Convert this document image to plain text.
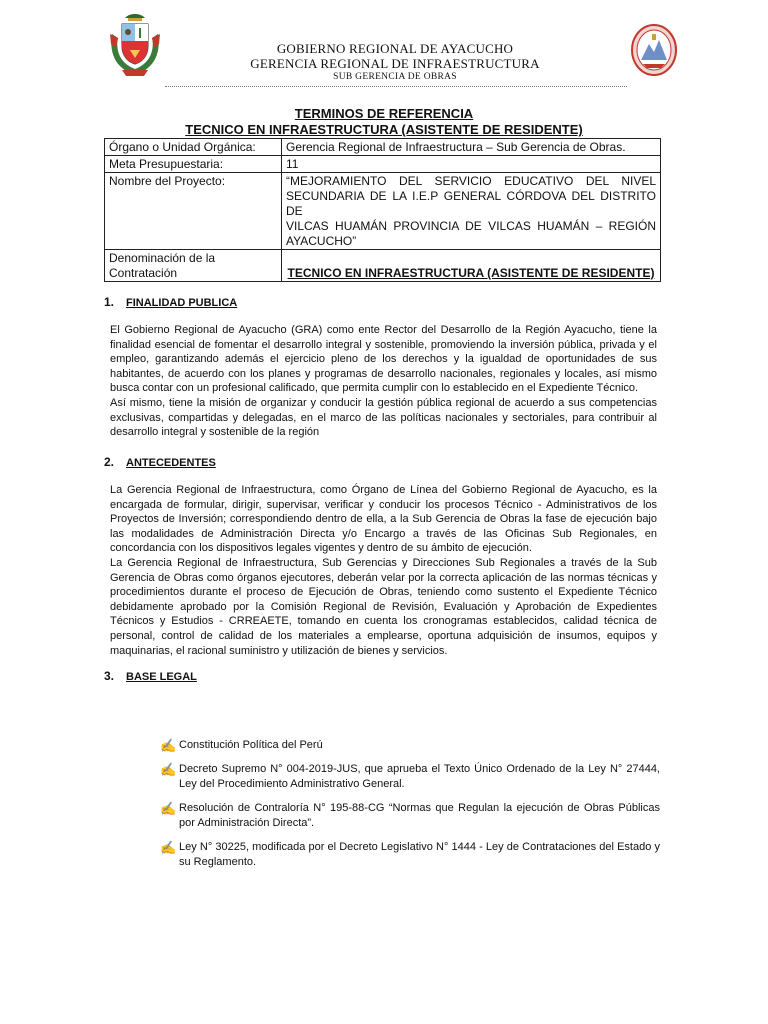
GOBIERNO REGIONAL DE AYACUCHO
GERENCIA REGIONAL DE INFRAESTRUCTURA
SUB GERENCIA DE OBRAS
TERMINOS DE REFERENCIA
TECNICO EN INFRAESTRUCTURA (ASISTENTE DE RESIDENTE)
Órgano o Unidad Orgánica:	Gerencia Regional de Infraestructura – Sub Gerencia de Obras.
Meta Presupuestaria:	11
Nombre del Proyecto:	“MEJORAMIENTO DEL SERVICIO EDUCATIVO DEL NIVEL
SECUNDARIA DE LA I.E.P GENERAL CÓRDOVA DEL DISTRITO DE
VILCAS HUAMÁN PROVINCIA DE VILCAS HUAMÁN – REGIÓN
AYACUCHO”

Denominación de la
Contratación	TECNICO EN INFRAESTRUCTURA (ASISTENTE DE RESIDENTE)
1. FINALIDAD PUBLICA

El Gobierno Regional de Ayacucho (GRA) como ente Rector del Desarrollo de la Región Ayacucho, tiene la finalidad esencial de fomentar el desarrollo integral y sostenible, promoviendo la inversión pública, privada y el empleo, garantizando además el ejercicio pleno de los derechos y la igualdad de oportunidades de sus habitantes, de acuerdo con los planes y programas de desarrollo nacionales, regionales y locales, así mismo busca contar con un profesional calificado, que permita cumplir con lo establecido en el Expediente Técnico.

Así mismo, tiene la misión de organizar y conducir la gestión pública regional de acuerdo a sus competencias exclusivas, compartidas y delegadas, en el marco de las políticas nacionales y sectoriales, para contribuir al desarrollo integral y sostenible de la región

2. ANTECEDENTES

La Gerencia Regional de Infraestructura, como Órgano de Línea del Gobierno Regional de Ayacucho, es la encargada de formular, dirigir, supervisar, verificar y conducir los procesos Técnico - Administrativos de los Proyectos de Inversión; correspondiendo dentro de ella, a la Sub Gerencia de Obras la fase de ejecución bajo las modalidades de Administración Directa y/o Encargo a través de las Oficinas Sub Regionales, en concordancia con los dispositivos legales vigentes y dentro de su ámbito de ejecución.

La Gerencia Regional de Infraestructura, Sub Gerencias y Direcciones Sub Regionales a través de la Sub Gerencia de Obras como órganos ejecutores, deberán velar por la correcta aplicación de las normas técnicas y procedimientos durante el proceso de Ejecución de Obras, teniendo como sustento el Expediente Técnico debidamente aprobado por la Comisión Regional de Revisión, Evaluación y Aprobación de Expedientes Técnicos y Estudios - CRREAETE, tomando en cuenta los cronogramas establecidos, calidad técnica de personal, control de calidad de los materiales a emplearse, oportuna adquisición de insumos, equipos y maquinarias, el racional suministro y utilización de bienes y servicios.

3. BASE LEGAL
✍ Constitución Política del Perú
✍ Decreto Supremo N° 004-2019-JUS, que aprueba el Texto Único Ordenado de la Ley N° 27444, Ley del Procedimiento Administrativo General.
✍ Resolución de Contraloría N° 195-88-CG “Normas que Regulan la ejecución de Obras Públicas por Administración Directa”.
✍ Ley N° 30225, modificada por el Decreto Legislativo N° 1444 - Ley de Contrataciones del Estado y su Reglamento.
